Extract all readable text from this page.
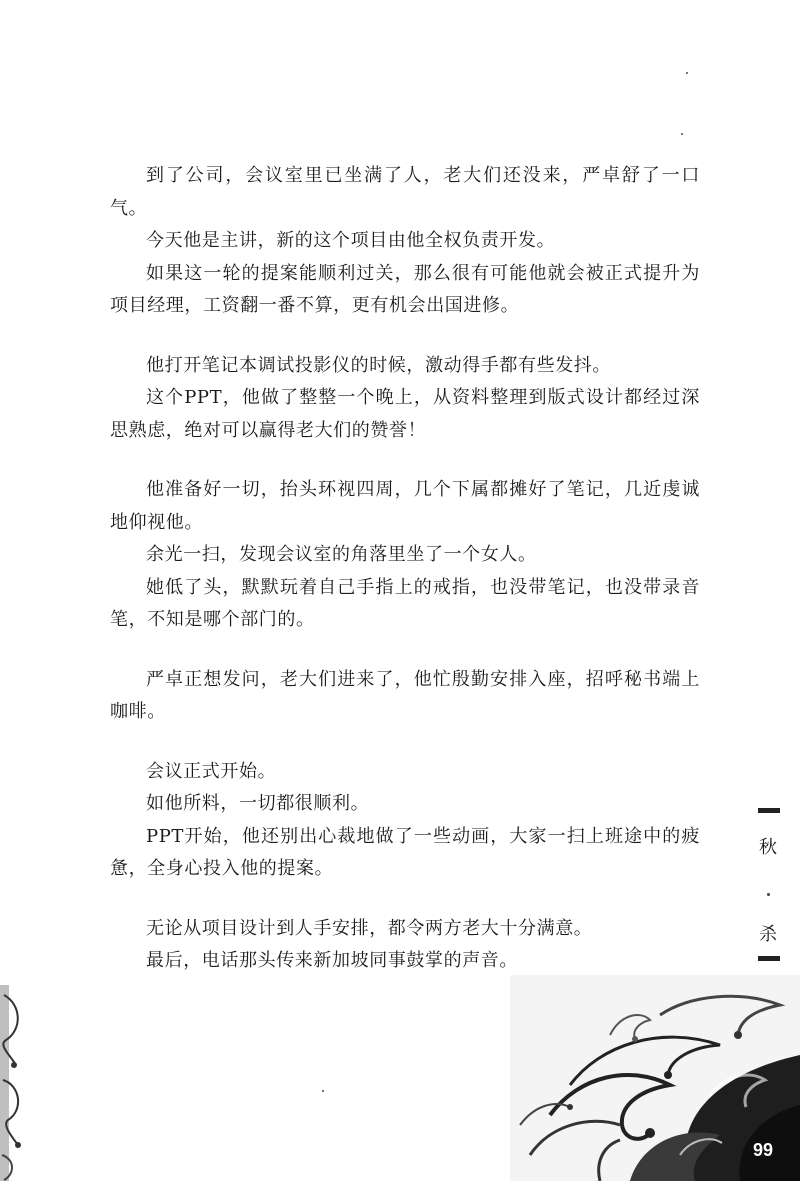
到了公司，会议室里已坐满了人，老大们还没来，严卓舒了一口气。

今天他是主讲，新的这个项目由他全权负责开发。

如果这一轮的提案能顺利过关，那么很有可能他就会被正式提升为项目经理，工资翻一番不算，更有机会出国进修。

他打开笔记本调试投影仪的时候，激动得手都有些发抖。

这个PPT，他做了整整一个晚上，从资料整理到版式设计都经过深思熟虑，绝对可以赢得老大们的赞誉！

他准备好一切，抬头环视四周，几个下属都摊好了笔记，几近虔诚地仰视他。

余光一扫，发现会议室的角落里坐了一个女人。

她低了头，默默玩着自己手指上的戒指，也没带笔记，也没带录音笔，不知是哪个部门的。

严卓正想发问，老大们进来了，他忙殷勤安排入座，招呼秘书端上咖啡。

会议正式开始。

如他所料，一切都很顺利。

PPT开始，他还别出心裁地做了一些动画，大家一扫上班途中的疲惫，全身心投入他的提案。

无论从项目设计到人手安排，都令两方老大十分满意。

最后，电话那头传来新加坡同事鼓掌的声音。

秋
杀
99
